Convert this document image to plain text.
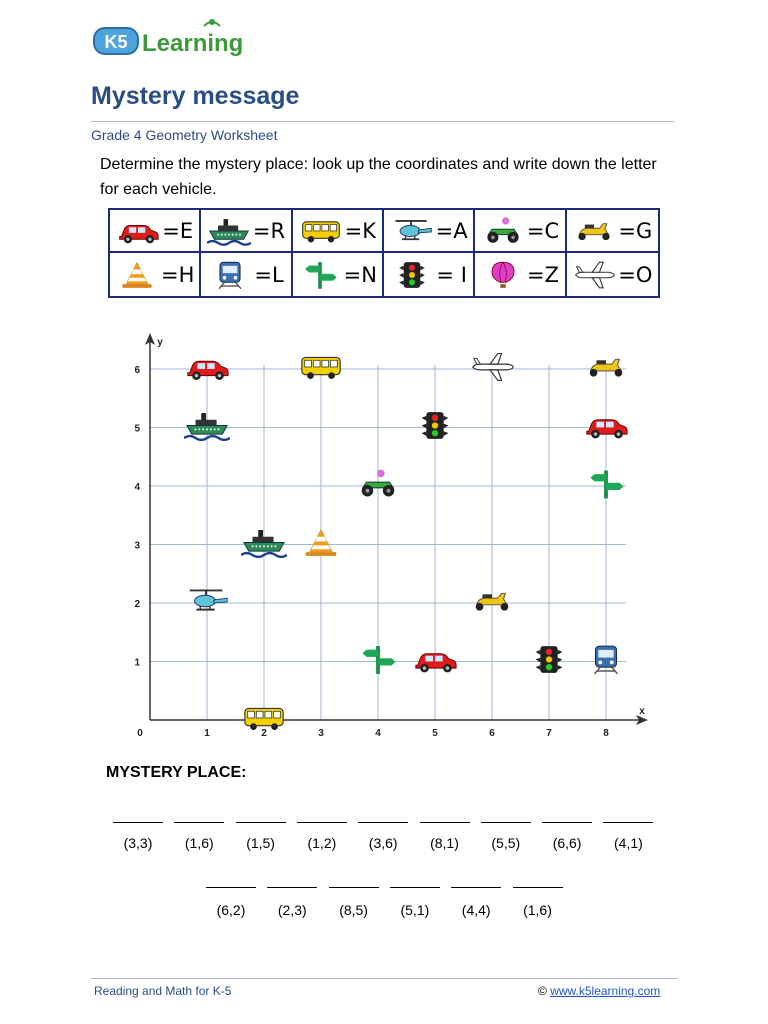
K5 Learning
Mystery message
Grade 4 Geometry Worksheet
Determine the mystery place: look up the coordinates and write down the letter for each vehicle.
=E	=R	=K	=A	=C	=G
=H	=L	=N	= I	=Z	=O
x
y
0	1	2	3	4	5	6	7	8
1
2
3
4
5
6
MYSTERY PLACE:
(3,3)	(1,6)	(1,5)	(1,2)	(3,6)	(8,1)	(5,5)	(6,6)	(4,1)
(6,2)	(2,3)	(8,5)	(5,1)	(4,4)	(1,6)
Reading and Math for K-5	© www.k5learning.com
